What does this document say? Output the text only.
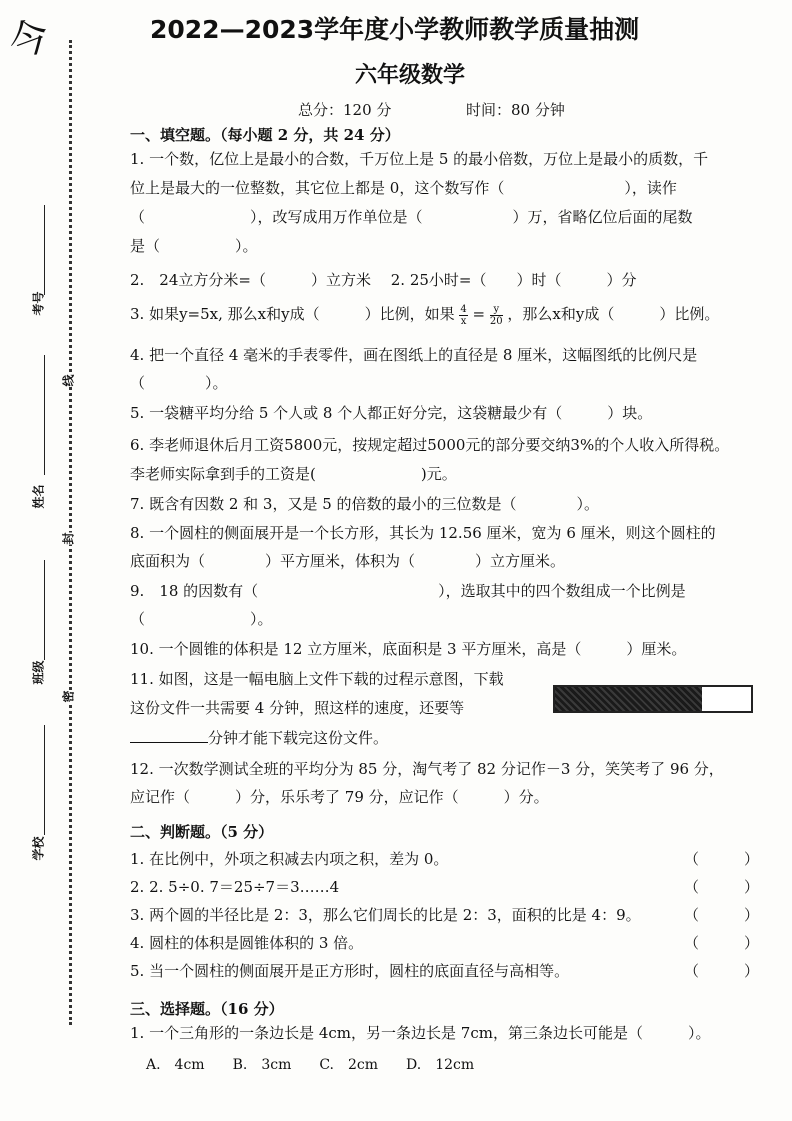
今
考号
姓名
班级
学校
线
封
密
2022—2023学年度小学教师教学质量抽测
六年级数学
总分：120 分	时间：80 分钟
一、填空题。（每小题 2 分，共 24 分）
1. 一个数，亿位上是最小的合数，千万位上是 5 的最小倍数，万位上是最小的质数，千
位上是最大的一位整数，其它位上都是 0，这个数写作（　　　　　　　　），读作
（　　　　　　　），改写成用万作单位是（　　　　　　）万，省略亿位后面的尾数
是（　　　　　）。
2.　24立方分米=（　　　）立方米　 2. 25小时=（　　）时（　　　）分
3. 如果y=5x, 那么x和y成（　　　）比例，如果 $\frac{4}{x} = \frac{y}{20}$ ，那么x和y成（　　　）比例。
4. 把一个直径 4 毫米的手表零件，画在图纸上的直径是 8 厘米，这幅图纸的比例尺是
（　　　　）。
5. 一袋糖平均分给 5 个人或 8 个人都正好分完，这袋糖最少有（　　　）块。
6. 李老师退休后月工资5800元，按规定超过5000元的部分要交纳3%的个人收入所得税。
李老师实际拿到手的工资是(　　　　　　　)元。
7. 既含有因数 2 和 3，又是 5 的倍数的最小的三位数是（　　　　）。
8. 一个圆柱的侧面展开是一个长方形，其长为 12.56 厘米，宽为 6 厘米，则这个圆柱的
底面积为（　　　　）平方厘米，体积为（　　　　）立方厘米。
9.　18 的因数有（　　　　　　　　　　　　），选取其中的四个数组成一个比例是
（　　　　　　　）。
10. 一个圆锥的体积是 12 立方厘米，底面积是 3 平方厘米，高是（　　　）厘米。
11. 如图，这是一幅电脑上文件下载的过程示意图，下载
这份文件一共需要 4 分钟，照这样的速度，还要等
分钟才能下载完这份文件。
12. 一次数学测试全班的平均分为 85 分，淘气考了 82 分记作－3 分，笑笑考了 96 分，
应记作（　　　）分，乐乐考了 79 分，应记作（　　　）分。
二、判断题。（5 分）
1. 在比例中，外项之积减去内项之积，差为 0。	（　　　）
2. 2. 5÷0. 7＝25÷7＝3……4	（　　　）
3. 两个圆的半径比是 2：3，那么它们周长的比是 2：3，面积的比是 4：9。	（　　　）
4. 圆柱的体积是圆锥体积的 3 倍。	（　　　）
5. 当一个圆柱的侧面展开是正方形时，圆柱的底面直径与高相等。	（　　　）
三、选择题。（16 分）
1. 一个三角形的一条边长是 4cm，另一条边长是 7cm，第三条边长可能是（　　　）。
A.　4cm　　B.　3cm　　C.　2cm　　D.　12cm
